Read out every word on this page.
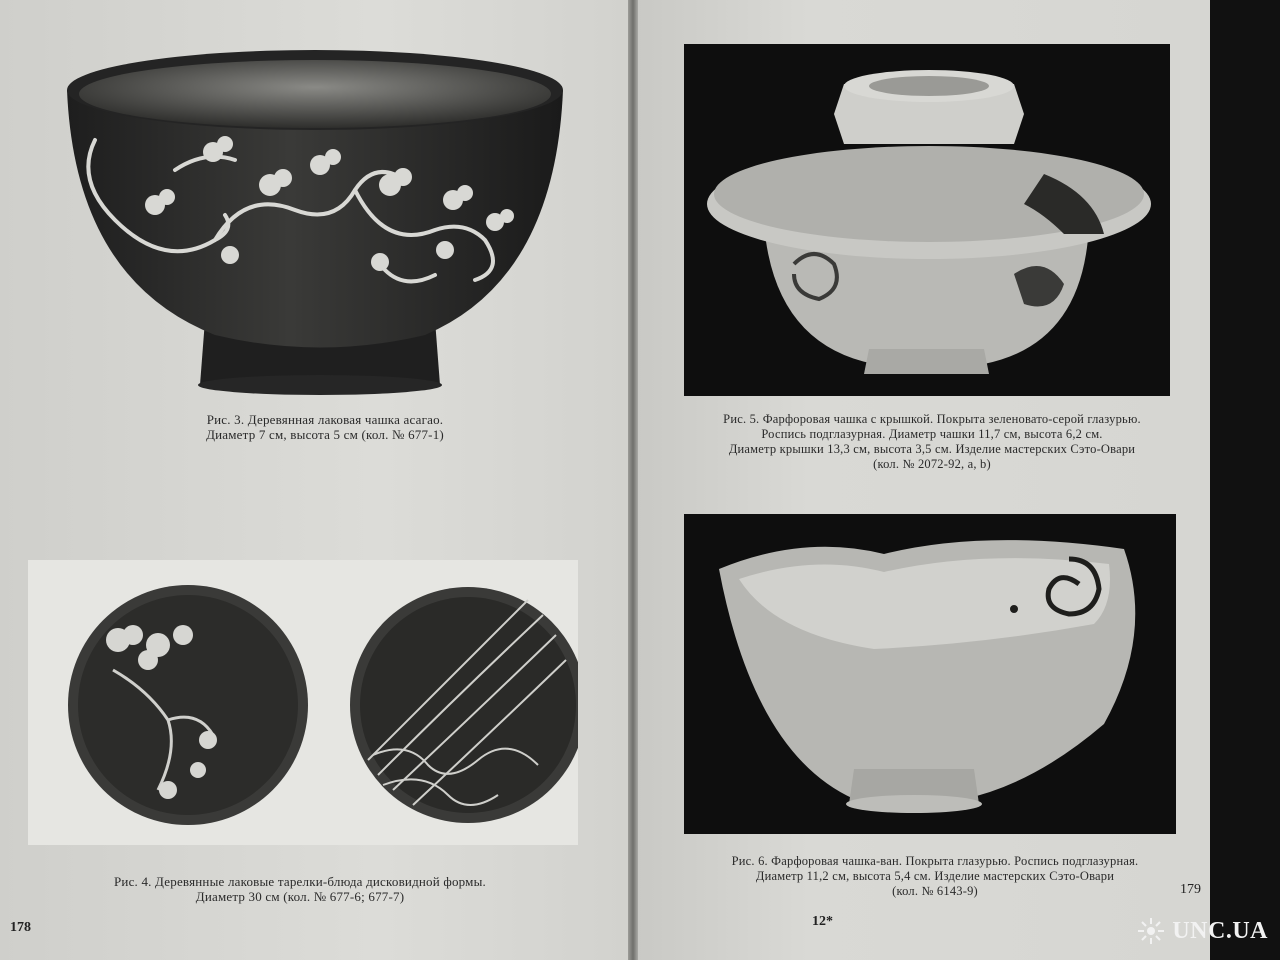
Рис. 3. Деревянная лаковая чашка асагао.
Диаметр 7 см, высота 5 см (кол. № 677-1)
Рис. 4. Деревянные лаковые тарелки-блюда дисковидной формы.
Диаметр 30 см (кол. № 677-6; 677-7)
178
Рис. 5. Фарфоровая чашка с крышкой. Покрыта зеленовато-серой глазурью.
Роспись подглазурная. Диаметр чашки 11,7 см, высота 6,2 см.
Диаметр крышки 13,3 см, высота 3,5 см. Изделие мастерских Сэто-Овари
(кол. № 2072-92, a, b)
Рис. 6. Фарфоровая чашка-ван. Покрыта глазурью. Роспись подглазурная.
Диаметр 11,2 см, высота 5,4 см. Изделие мастерских Сэто-Овари
(кол. № 6143-9)
12*
179
UNC.UA
